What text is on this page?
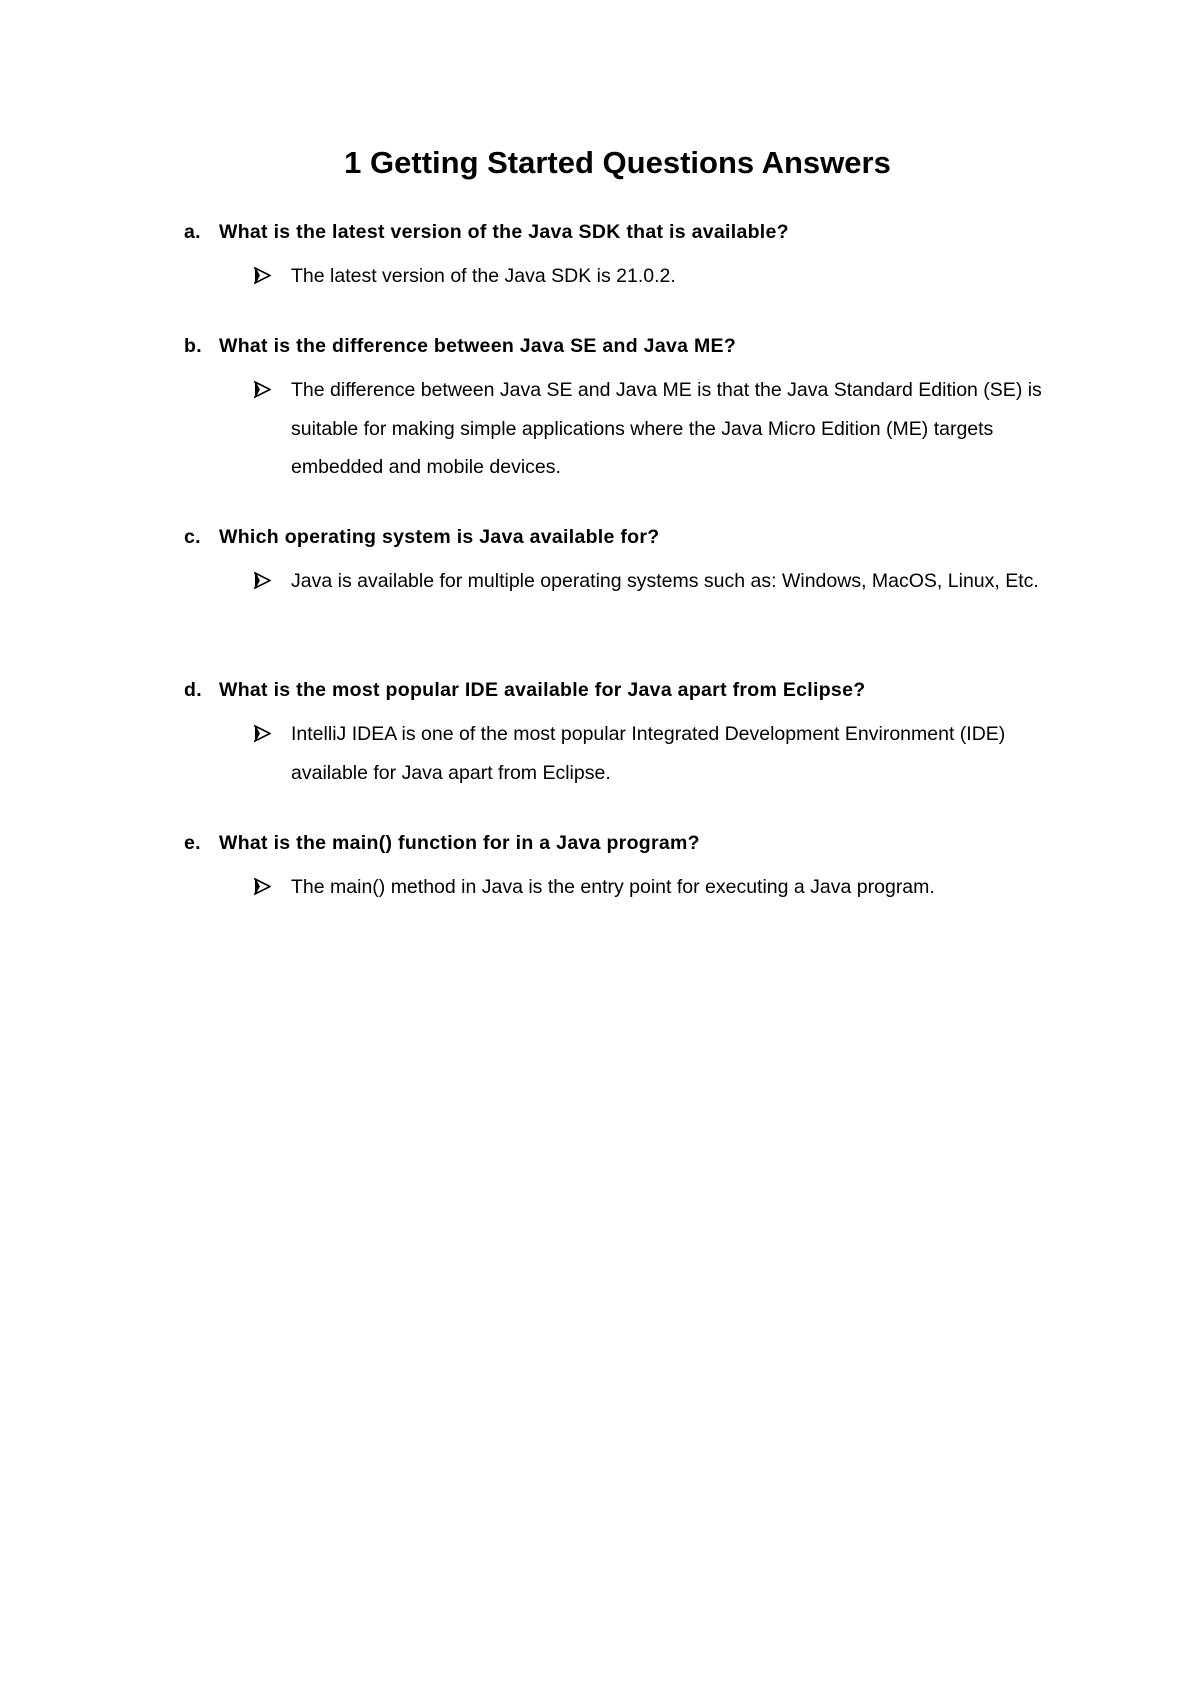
1 Getting Started Questions Answers
a. What is the latest version of the Java SDK that is available?
The latest version of the Java SDK is 21.0.2.
b. What is the difference between Java SE and Java ME?
The difference between Java SE and Java ME is that the Java Standard Edition (SE) is suitable for making simple applications where the Java Micro Edition (ME) targets embedded and mobile devices.
c. Which operating system is Java available for?
Java is available for multiple operating systems such as: Windows, MacOS, Linux, Etc.
d. What is the most popular IDE available for Java apart from Eclipse?
IntelliJ IDEA is one of the most popular Integrated Development Environment (IDE) available for Java apart from Eclipse.
e. What is the main() function for in a Java program?
The main() method in Java is the entry point for executing a Java program.
